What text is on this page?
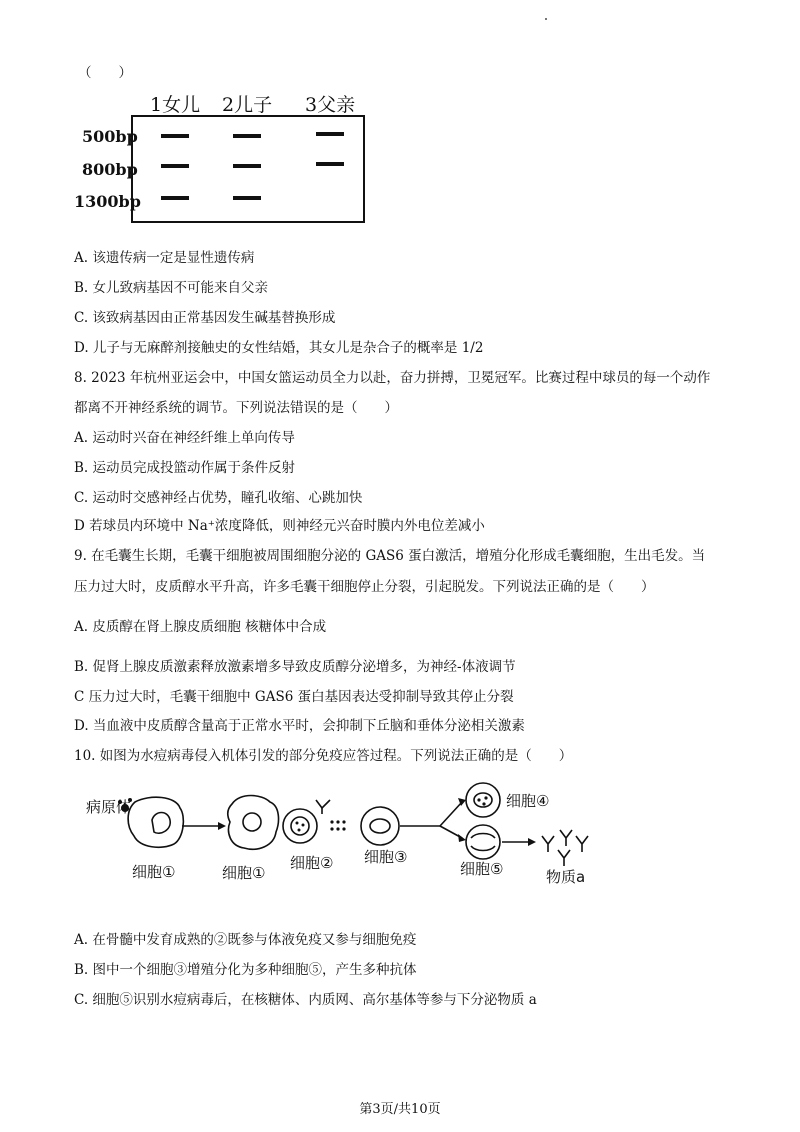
（　　）
1女儿 2儿子 3父亲
500bp
800bp
1300bp
A. 该遗传病一定是显性遗传病
B. 女儿致病基因不可能来自父亲
C. 该致病基因由正常基因发生碱基替换形成
D. 儿子与无麻醉剂接触史的女性结婚，其女儿是杂合子的概率是 1/2
8. 2023 年杭州亚运会中，中国女篮运动员全力以赴，奋力拼搏，卫冕冠军。比赛过程中球员的每一个动作
都离不开神经系统的调节。下列说法错误的是（　　）
A. 运动时兴奋在神经纤维上单向传导
B. 运动员完成投篮动作属于条件反射
C. 运动时交感神经占优势，瞳孔收缩、心跳加快
D 若球员内环境中 Na⁺浓度降低，则神经元兴奋时膜内外电位差减小
9. 在毛囊生长期，毛囊干细胞被周围细胞分泌的 GAS6 蛋白激活，增殖分化形成毛囊细胞，生出毛发。当
压力过大时，皮质醇水平升高，许多毛囊干细胞停止分裂，引起脱发。下列说法正确的是（　　）
A. 皮质醇在肾上腺皮质细胞 核糖体中合成
B. 促肾上腺皮质激素释放激素增多导致皮质醇分泌增多，为神经-体液调节
C 压力过大时，毛囊干细胞中 GAS6 蛋白基因表达受抑制导致其停止分裂
D. 当血液中皮质醇含量高于正常水平时，会抑制下丘脑和垂体分泌相关激素
10. 如图为水痘病毒侵入机体引发的部分免疫应答过程。下列说法正确的是（　　）
病原体
细胞①	细胞①
细胞② 细胞③
细胞④
细胞⑤	物质a
A. 在骨髓中发育成熟的②既参与体液免疫又参与细胞免疫
B. 图中一个细胞③增殖分化为多种细胞⑤，产生多种抗体
C. 细胞⑤识别水痘病毒后，在核糖体、内质网、高尔基体等参与下分泌物质 a
第3页/共10页
